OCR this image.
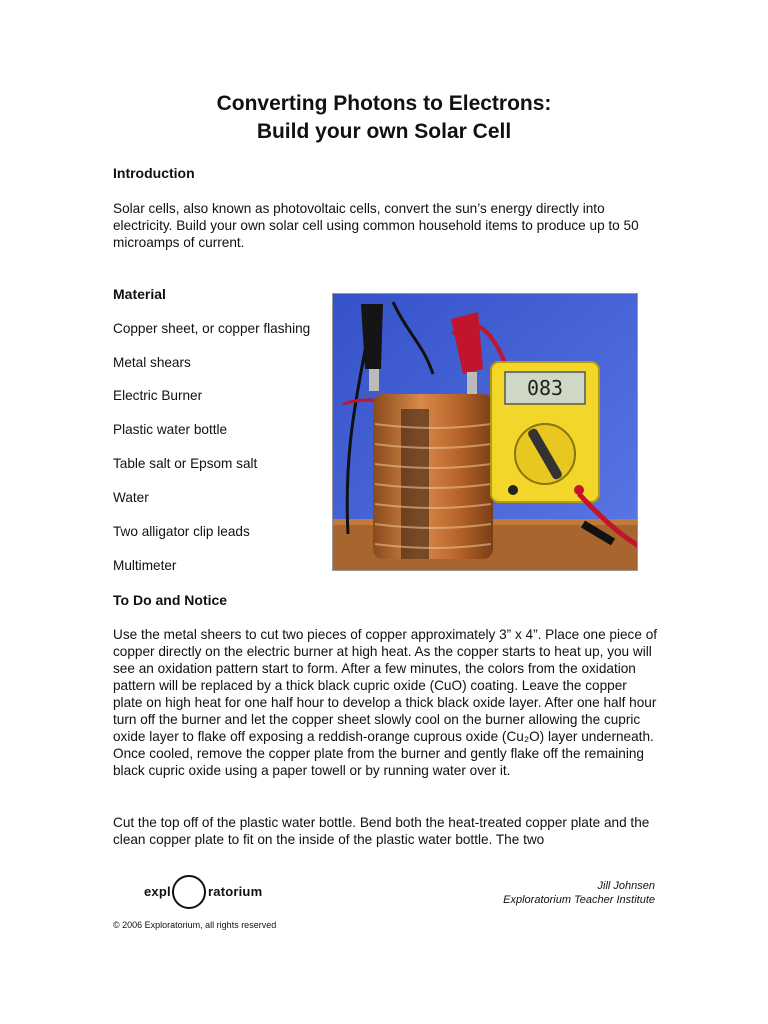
Converting Photons to Electrons:
Build your own Solar Cell
Introduction

Solar cells, also known as photovoltaic cells, convert the sun’s energy directly into electricity. Build your own solar cell using common household items to produce up to 50 microamps of current.

Material
Copper sheet, or copper flashing
Metal shears
Electric Burner
Plastic water bottle
Table salt or Epsom salt
Water
Two alligator clip leads
Multimeter
083
To Do and Notice

Use the metal sheers to cut two pieces of copper approximately 3” x 4”. Place one piece of copper directly on the electric burner at high heat. As the copper starts to heat up, you will see an oxidation pattern start to form. After a few minutes, the colors from the oxidation pattern will be replaced by a thick black cupric oxide (CuO) coating. Leave the copper plate on high heat for one half hour to develop a thick black oxide layer. After one half hour turn off the burner and let the copper sheet slowly cool on the burner allowing the cupric oxide layer to flake off exposing a reddish-orange cuprous oxide (Cu₂O) layer underneath. Once cooled, remove the copper plate from the burner and gently flake off the remaining black cupric oxide using a paper towell or by running water over it.

Cut the top off of the plastic water bottle. Bend both the heat-treated copper plate and the clean copper plate to fit on the inside of the plastic water bottle. The two

expl	ratorium	Jill Johnsen
Exploratorium Teacher Institute
© 2006 Exploratorium, all rights reserved
